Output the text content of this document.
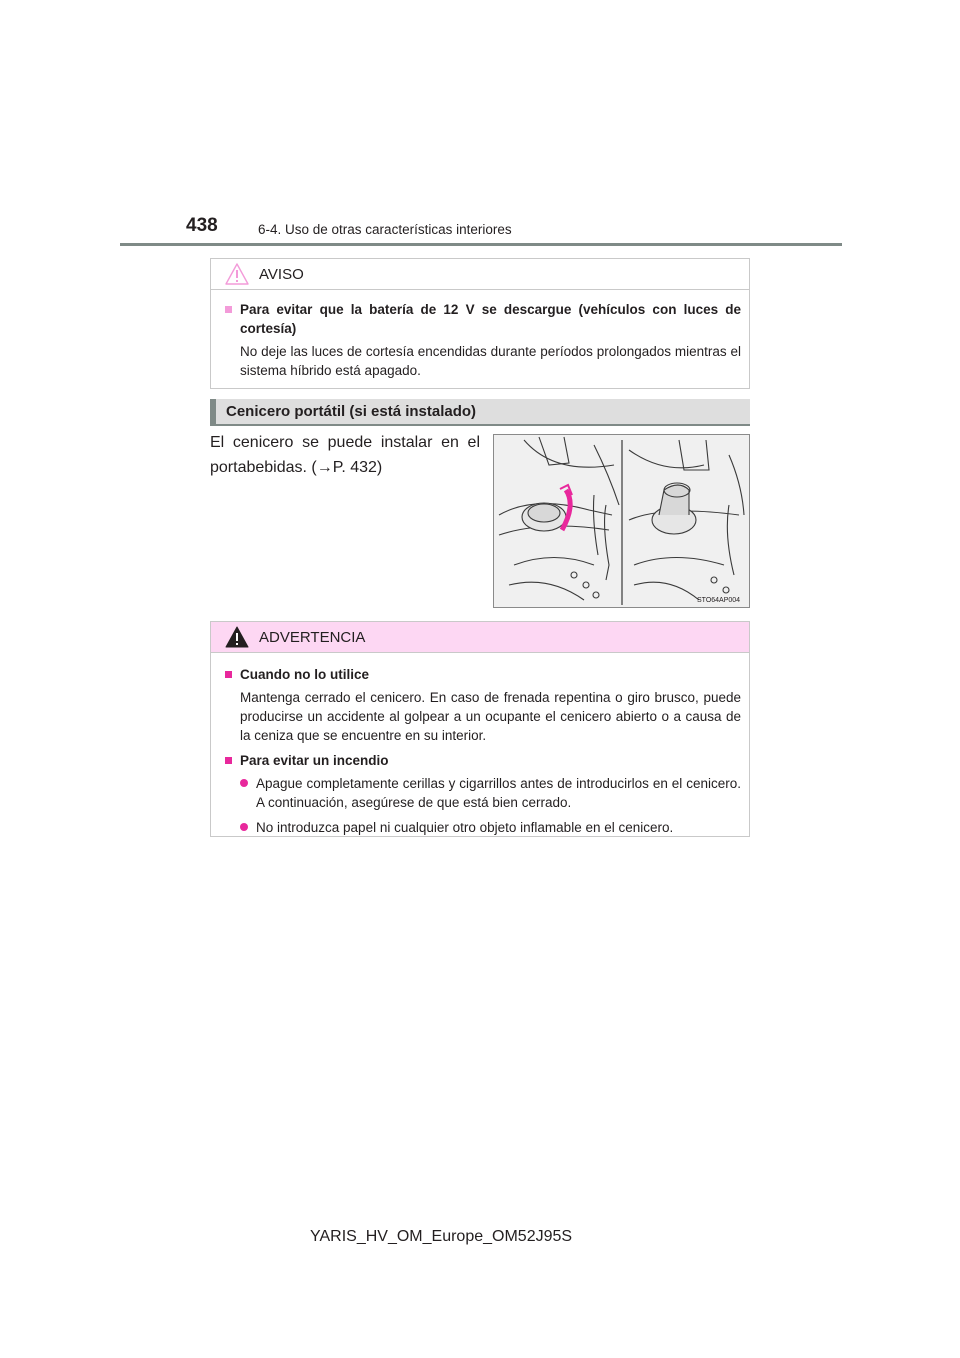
438	6-4. Uso de otras características interiores
AVISO
Para evitar que la batería de 12 V se descargue (vehículos con luces de cortesía)
No deje las luces de cortesía encendidas durante períodos prolongados mientras el sistema híbrido está apagado.
Cenicero portátil (si está instalado)
El cenicero se puede instalar en el portabebidas. (→P. 432)
STO64AP004
ADVERTENCIA
Cuando no lo utilice
Mantenga cerrado el cenicero. En caso de frenada repentina o giro brusco, puede producirse un accidente al golpear a un ocupante el cenicero abierto o a causa de la ceniza que se encuentre en su interior.
Para evitar un incendio
Apague completamente cerillas y cigarrillos antes de introducirlos en el cenicero. A continuación, asegúrese de que está bien cerrado.
No introduzca papel ni cualquier otro objeto inflamable en el cenicero.
YARIS_HV_OM_Europe_OM52J95S
